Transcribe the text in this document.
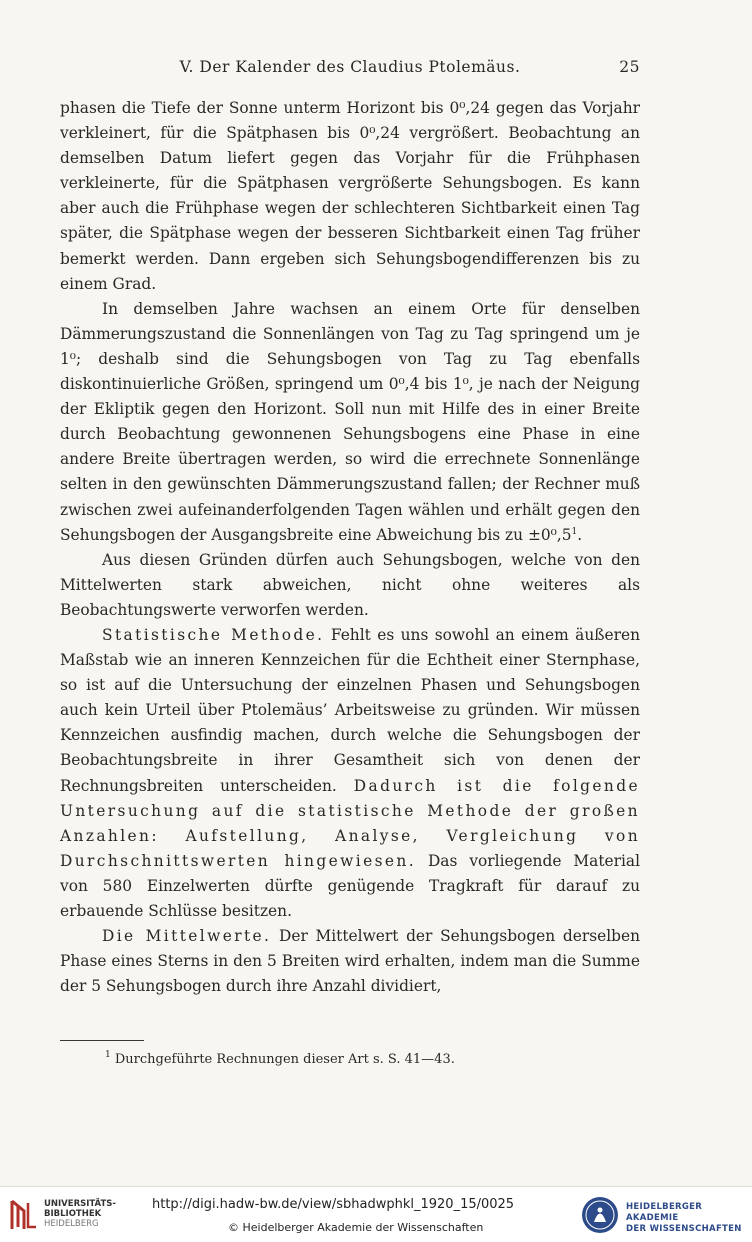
V. Der Kalender des Claudius Ptolemäus.	25

phasen die Tiefe der Sonne unterm Horizont bis 0⁰,24 gegen das Vorjahr verkleinert, für die Spätphasen bis 0⁰,24 vergrößert. Beobachtung an demselben Datum liefert gegen das Vorjahr für die Frühphasen verkleinerte, für die Spätphasen vergrößerte Sehungsbogen. Es kann aber auch die Frühphase wegen der schlechteren Sichtbarkeit einen Tag später, die Spätphase wegen der besseren Sichtbarkeit einen Tag früher bemerkt werden. Dann ergeben sich Sehungsbogendifferenzen bis zu einem Grad.

In demselben Jahre wachsen an einem Orte für denselben Dämmerungszustand die Sonnenlängen von Tag zu Tag springend um je 1⁰; deshalb sind die Sehungsbogen von Tag zu Tag ebenfalls diskontinuierliche Größen, springend um 0⁰,4 bis 1⁰, je nach der Neigung der Ekliptik gegen den Horizont. Soll nun mit Hilfe des in einer Breite durch Beobachtung gewonnenen Sehungsbogens eine Phase in eine andere Breite übertragen werden, so wird die errechnete Sonnenlänge selten in den gewünschten Dämmerungszustand fallen; der Rechner muß zwischen zwei aufeinanderfolgenden Tagen wählen und erhält gegen den Sehungsbogen der Ausgangsbreite eine Abweichung bis zu $\pm 0^0,5^1$.

Aus diesen Gründen dürfen auch Sehungsbogen, welche von den Mittelwerten stark abweichen, nicht ohne weiteres als Beobachtungswerte verworfen werden.

Statistische Methode. Fehlt es uns sowohl an einem äußeren Maßstab wie an inneren Kennzeichen für die Echtheit einer Sternphase, so ist auf die Untersuchung der einzelnen Phasen und Sehungsbogen auch kein Urteil über Ptolemäus’ Arbeitsweise zu gründen. Wir müssen Kennzeichen ausfindig machen, durch welche die Sehungsbogen der Beobachtungsbreite in ihrer Gesamtheit sich von denen der Rechnungsbreiten unterscheiden. Dadurch ist die folgende Untersuchung auf die statistische Methode der großen Anzahlen: Aufstellung, Analyse, Vergleichung von Durchschnittswerten hingewiesen. Das vorliegende Material von 580 Einzelwerten dürfte genügende Tragkraft für darauf zu erbauende Schlüsse besitzen.

Die Mittelwerte. Der Mittelwert der Sehungsbogen derselben Phase eines Sterns in den 5 Breiten wird erhalten, indem man die Summe der 5 Sehungsbogen durch ihre Anzahl dividiert,

$^1$ Durchgeführte Rechnungen dieser Art s. S. 41—43.
UNIVERSITÄTS-
BIBLIOTHEK
HEIDELBERG
http://digi.hadw-bw.de/view/sbhadwphkl_1920_15/0025
© Heidelberger Akademie der Wissenschaften
HEIDELBERGER AKADEMIE
DER WISSENSCHAFTEN
